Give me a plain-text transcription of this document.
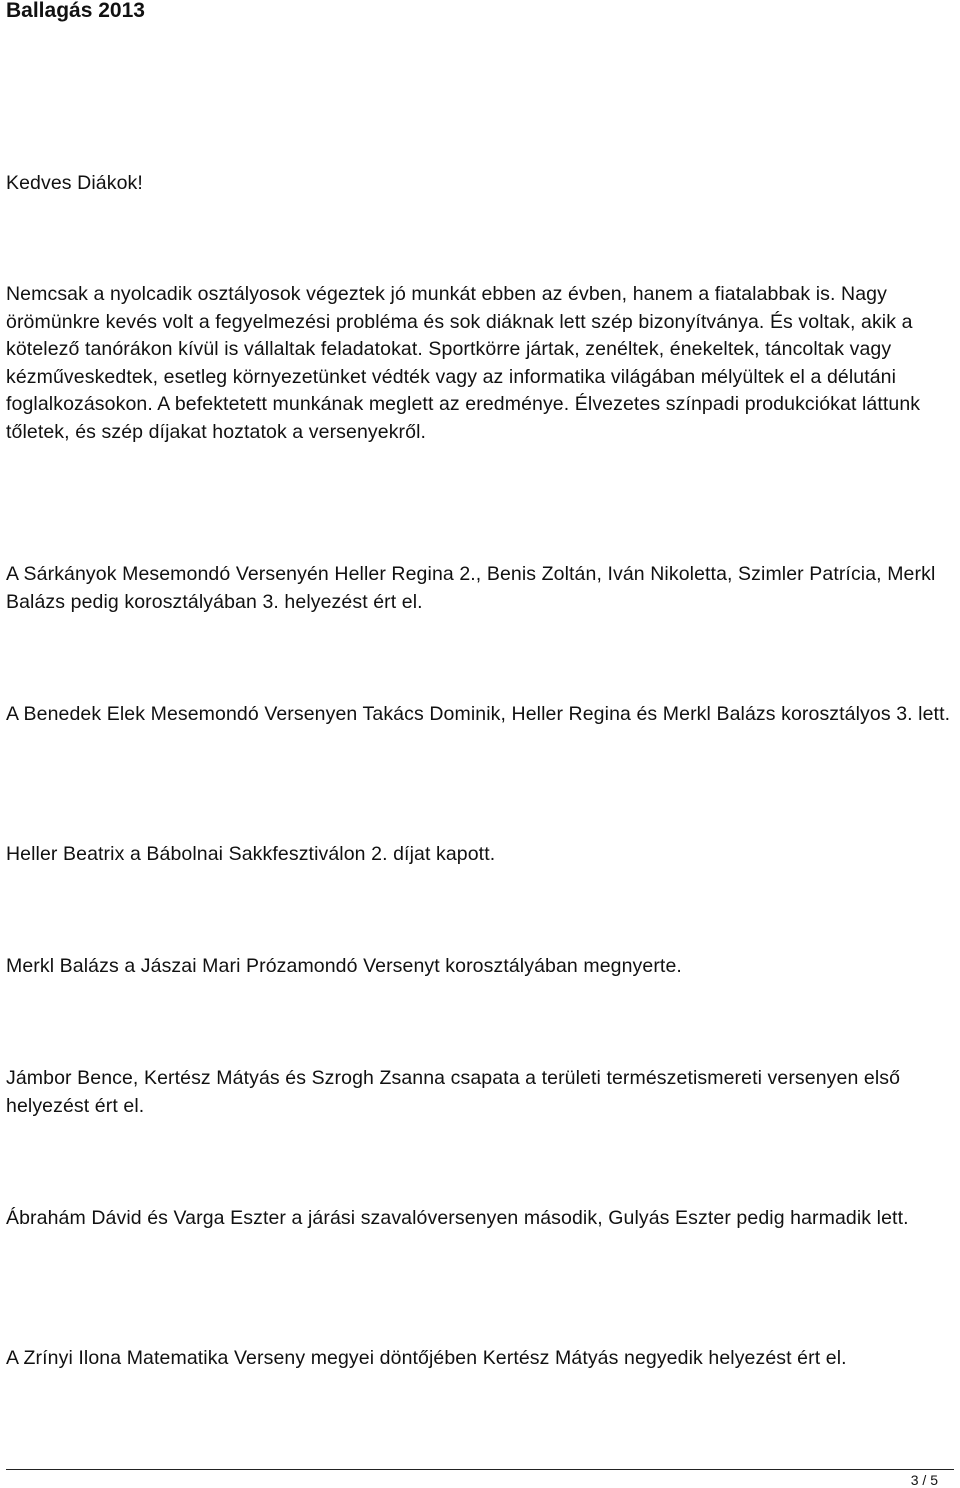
Ballagás 2013

Kedves Diákok!

Nemcsak a nyolcadik osztályosok végeztek jó munkát ebben az évben, hanem a fiatalabbak is. Nagy örömünkre kevés volt a fegyelmezési probléma és sok diáknak lett szép bizonyítványa. És voltak, akik a kötelező tanórákon kívül is vállaltak feladatokat. Sportkörre jártak, zenéltek, énekeltek, táncoltak vagy kézműveskedtek, esetleg környezetünket védték vagy az informatika világában mélyültek el a délutáni foglalkozásokon. A befektetett munkának meglett az eredménye. Élvezetes színpadi produkciókat láttunk tőletek, és szép díjakat hoztatok a versenyekről.

A Sárkányok Mesemondó Versenyén Heller Regina 2., Benis Zoltán, Iván Nikoletta, Szimler Patrícia, Merkl Balázs pedig korosztályában 3. helyezést ért el.

A Benedek Elek Mesemondó Versenyen Takács Dominik, Heller Regina és Merkl Balázs korosztályos 3. lett.

Heller Beatrix a Bábolnai Sakkfesztiválon 2. díjat kapott.

Merkl Balázs a Jászai Mari Prózamondó Versenyt korosztályában megnyerte.

Jámbor Bence, Kertész Mátyás és Szrogh Zsanna csapata a területi természetismereti versenyen első helyezést ért el.

Ábrahám Dávid és Varga Eszter a járási szavalóversenyen második, Gulyás Eszter pedig harmadik lett.

A Zrínyi Ilona Matematika Verseny megyei döntőjében Kertész Mátyás negyedik helyezést ért el.

3 / 5
